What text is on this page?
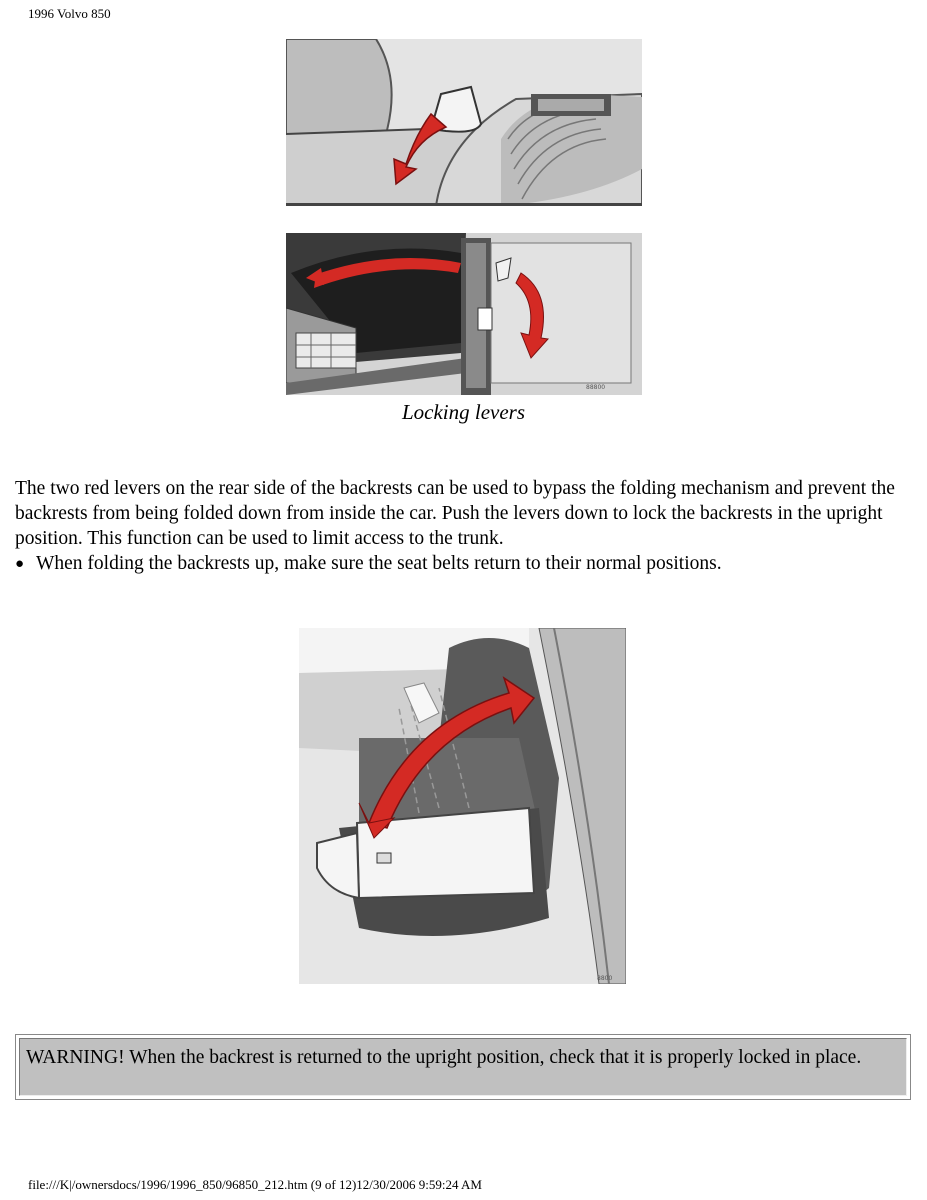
1996 Volvo 850
88800
Locking levers
The two red levers on the rear side of the backrests can be used to bypass the folding mechanism and prevent the backrests from being folded down from inside the car. Push the levers down to lock the backrests in the upright position. This function can be used to limit access to the trunk.
● When folding the backrests up, make sure the seat belts return to their normal positions.
8800
WARNING! When the backrest is returned to the upright position, check that it is properly locked in place.
file:///K|/ownersdocs/1996/1996_850/96850_212.htm (9 of 12)12/30/2006 9:59:24 AM
